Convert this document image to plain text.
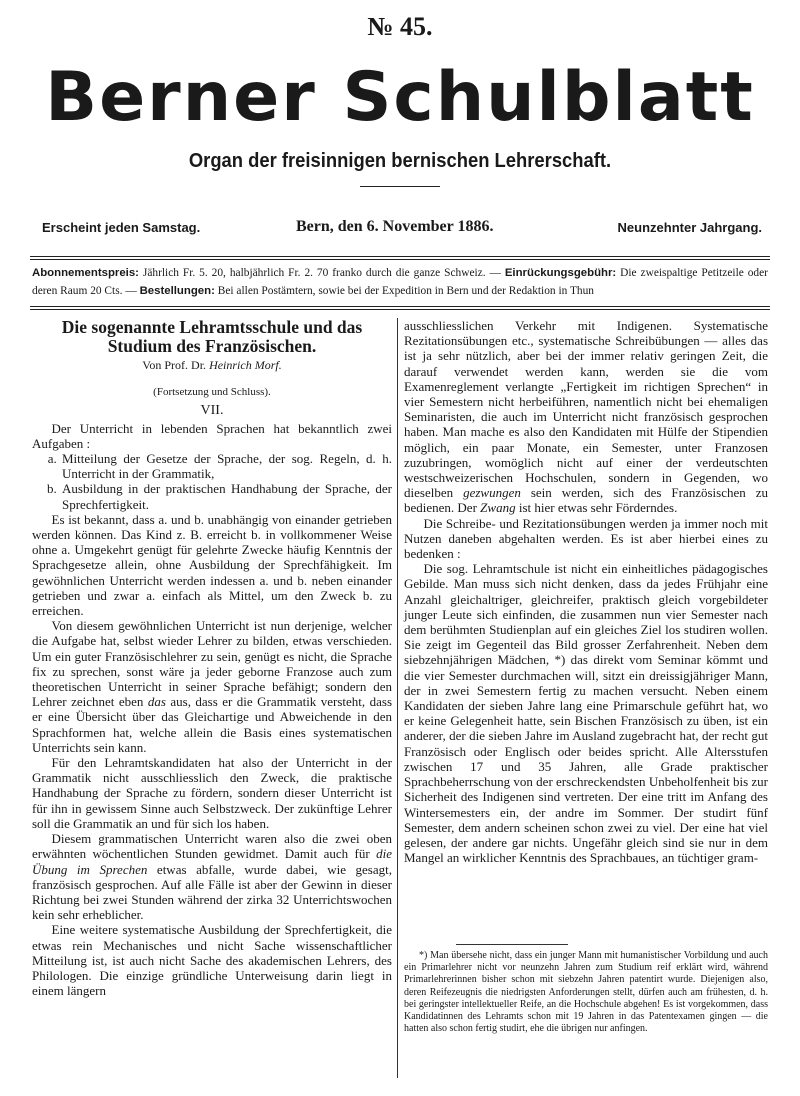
№ 45.
Berner Schulblatt
Organ der freisinnigen bernischen Lehrerschaft.
Erscheint jeden Samstag.	Bern, den 6. November 1886.	Neunzehnter Jahrgang.
Abonnementspreis: Jährlich Fr. 5. 20, halbjährlich Fr. 2. 70 franko durch die ganze Schweiz. — Einrückungsgebühr: Die zweispaltige Petitzeile oder deren Raum 20 Cts. — Bestellungen: Bei allen Postämtern, sowie bei der Expedition in Bern und der Redaktion in Thun
Die sogenannte Lehramtsschule und das Studium des Französischen.
Von Prof. Dr. Heinrich Morf.
(Fortsetzung und Schluss).
VII.

Der Unterricht in lebenden Sprachen hat bekanntlich zwei Aufgaben :

a. Mitteilung der Gesetze der Sprache, der sog. Regeln, d. h. Unterricht in der Grammatik,
b. Ausbildung in der praktischen Handhabung der Sprache, der Sprechfertigkeit.

Es ist bekannt, dass a. und b. unabhängig von einander getrieben werden können. Das Kind z. B. erreicht b. in vollkommener Weise ohne a. Umgekehrt genügt für gelehrte Zwecke häufig Kenntnis der Sprachgesetze allein, ohne Ausbildung der Sprechfähigkeit. Im gewöhnlichen Unterricht werden indessen a. und b. neben einander getrieben und zwar a. einfach als Mittel, um den Zweck b. zu erreichen.

Von diesem gewöhnlichen Unterricht ist nun derjenige, welcher die Aufgabe hat, selbst wieder Lehrer zu bilden, etwas verschieden. Um ein guter Französischlehrer zu sein, genügt es nicht, die Sprache fix zu sprechen, sonst wäre ja jeder geborne Franzose auch zum theoretischen Unterricht in seiner Sprache befähigt; sondern den Lehrer zeichnet eben das aus, dass er die Grammatik versteht, dass er eine Übersicht über das Gleichartige und Abweichende in den Sprachformen hat, welche allein die Basis eines systematischen Unterrichts sein kann.

Für den Lehramtskandidaten hat also der Unterricht in der Grammatik nicht ausschliesslich den Zweck, die praktische Handhabung der Sprache zu fördern, sondern dieser Unterricht ist für ihn in gewissem Sinne auch Selbstzweck. Der zukünftige Lehrer soll die Grammatik an und für sich los haben.

Diesem grammatischen Unterricht waren also die zwei oben erwähnten wöchentlichen Stunden gewidmet. Damit auch für die Übung im Sprechen etwas abfalle, wurde dabei, wie gesagt, französisch gesprochen. Auf alle Fälle ist aber der Gewinn in dieser Richtung bei zwei Stunden während der zirka 32 Unterrichtswochen kein sehr erheblicher.

Eine weitere systematische Ausbildung der Sprechfertigkeit, die etwas rein Mechanisches und nicht Sache wissenschaftlicher Mitteilung ist, ist auch nicht Sache des akademischen Lehrers, des Philologen. Die einzige gründliche Unterweisung darin liegt in einem längern

ausschliesslichen Verkehr mit Indigenen. Systematische Rezitationsübungen etc., systematische Schreibübungen — alles das ist ja sehr nützlich, aber bei der immer relativ geringen Zeit, die darauf verwendet werden kann, werden sie die vom Examenreglement verlangte „Fertigkeit im richtigen Sprechen“ in vier Semestern nicht herbeiführen, namentlich nicht bei ehemaligen Seminaristen, die auch im Unterricht nicht französisch gesprochen haben. Man mache es also den Kandidaten mit Hülfe der Stipendien möglich, ein paar Monate, ein Semester, unter Franzosen zuzubringen, womöglich nicht auf einer der verdeutschten westschweizerischen Hochschulen, sondern in Gegenden, wo dieselben gezwungen sein werden, sich des Französischen zu bedienen. Der Zwang ist hier etwas sehr Förderndes.

Die Schreibe- und Rezitationsübungen werden ja immer noch mit Nutzen daneben abgehalten werden. Es ist aber hierbei eines zu bedenken :

Die sog. Lehramtschule ist nicht ein einheitliches pädagogisches Gebilde. Man muss sich nicht denken, dass da jedes Frühjahr eine Anzahl gleichaltriger, gleichreifer, praktisch gleich vorgebildeter junger Leute sich einfinden, die zusammen nun vier Semester nach dem berühmten Studienplan auf ein gleiches Ziel los studiren wollen. Sie zeigt im Gegenteil das Bild grosser Zerfahrenheit. Neben dem siebzehnjährigen Mädchen, *) das direkt vom Seminar kömmt und die vier Semester durchmachen will, sitzt ein dreissigjähriger Mann, der in zwei Semestern fertig zu machen versucht. Neben einem Kandidaten der sieben Jahre lang eine Primarschule geführt hat, wo er keine Gelegenheit hatte, sein Bischen Französisch zu üben, ist ein anderer, der die sieben Jahre im Ausland zugebracht hat, der recht gut Französisch oder Englisch oder beides spricht. Alle Altersstufen zwischen 17 und 35 Jahren, alle Grade praktischer Sprachbeherrschung von der erschreckendsten Unbeholfenheit bis zur Sicherheit des Indigenen sind vertreten. Der eine tritt im Anfang des Wintersemesters ein, der andre im Sommer. Der studirt fünf Semester, dem andern scheinen schon zwei zu viel. Der eine hat viel gelesen, der andere gar nichts. Ungefähr gleich sind sie nur in dem Mangel an wirklicher Kenntnis des Sprachbaues, an tüchtiger gram-

*) Man übersehe nicht, dass ein junger Mann mit humanistischer Vorbildung und auch ein Primarlehrer nicht vor neunzehn Jahren zum Studium reif erklärt wird, während Primarlehrerinnen bisher schon mit siebzehn Jahren patentirt wurde. Diejenigen also, deren Reifezeugnis die niedrigsten Anforderungen stellt, dürfen auch am frühesten, d. h. bei geringster intellektueller Reife, an die Hochschule abgehen! Es ist vorgekommen, dass Kandidatinnen des Lehramts schon mit 19 Jahren in das Patentexamen gingen — die hatten also schon fertig studirt, ehe die übrigen nur anfingen.
